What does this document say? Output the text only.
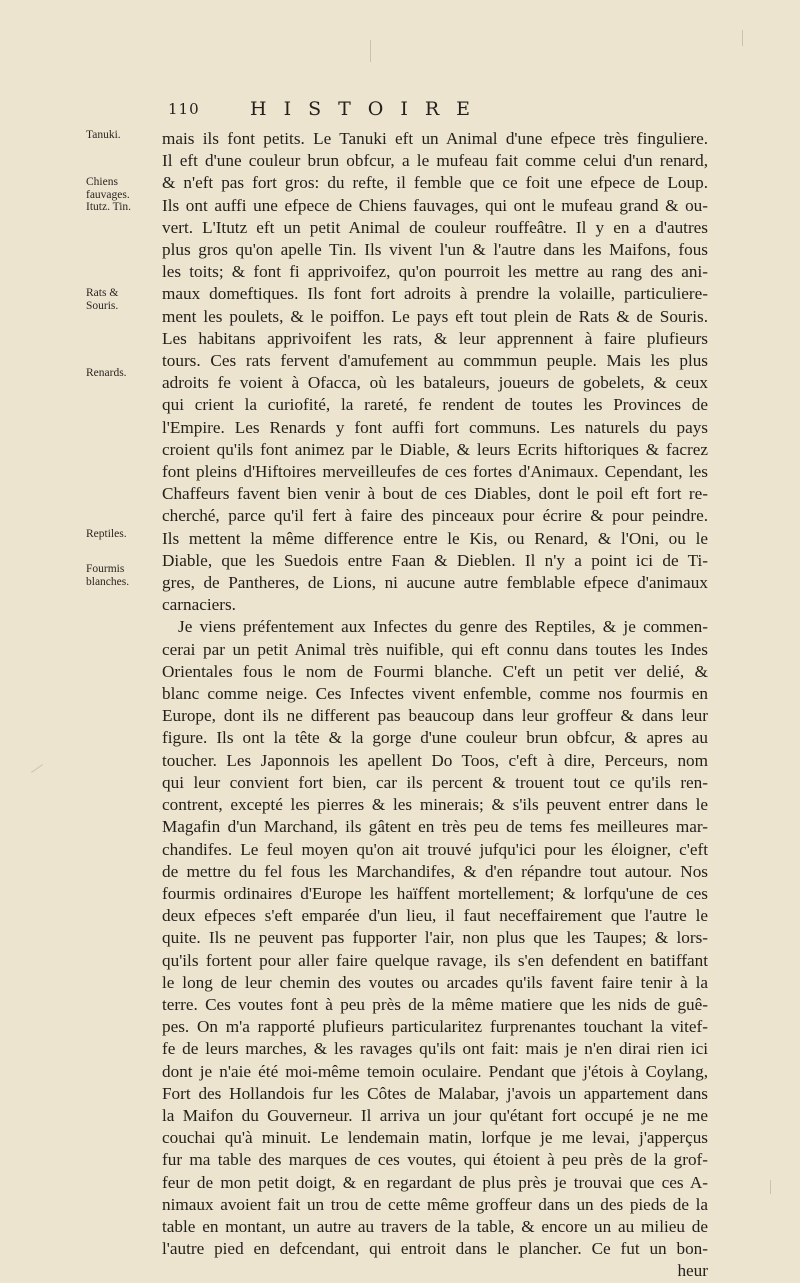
110	HISTOIRE
Tanuki.
Chiens fauvages. Itutz. Tin.
Rats & Souris.
Renards.
Reptiles.
Fourmis blanches.

mais ils font petits. Le Tanuki eft un Animal d'une efpece très finguliere.
Il eft d'une couleur brun obfcur, a le mufeau fait comme celui d'un renard,
& n'eft pas fort gros: du refte, il femble que ce foit une efpece de Loup.
Ils ont auffi une efpece de Chiens fauvages, qui ont le mufeau grand & ou-
vert. L'Itutz eft un petit Animal de couleur rouffeâtre. Il y en a d'autres
plus gros qu'on apelle Tin. Ils vivent l'un & l'autre dans les Maifons, fous
les toits; & font fi apprivoifez, qu'on pourroit les mettre au rang des ani-
maux domeftiques. Ils font fort adroits à prendre la volaille, particuliere-
ment les poulets, & le poiffon. Le pays eft tout plein de Rats & de Souris.
Les habitans apprivoifent les rats, & leur apprennent à faire plufieurs
tours. Ces rats fervent d'amufement au commmun peuple. Mais les plus
adroits fe voient à Ofacca, où les bataleurs, joueurs de gobelets, & ceux
qui crient la curiofité, la rareté, fe rendent de toutes les Provinces de
l'Empire. Les Renards y font auffi fort communs. Les naturels du pays
croient qu'ils font animez par le Diable, & leurs Ecrits hiftoriques & facrez
font pleins d'Hiftoires merveilleufes de ces fortes d'Animaux. Cependant, les
Chaffeurs favent bien venir à bout de ces Diables, dont le poil eft fort re-
cherché, parce qu'il fert à faire des pinceaux pour écrire & pour peindre.
Ils mettent la même difference entre le Kis, ou Renard, & l'Oni, ou le
Diable, que les Suedois entre Faan & Dieblen. Il n'y a point ici de Ti-
gres, de Pantheres, de Lions, ni aucune autre femblable efpece d'animaux
carnaciers.

Je viens préfentement aux Infectes du genre des Reptiles, & je commen-
cerai par un petit Animal très nuifible, qui eft connu dans toutes les Indes
Orientales fous le nom de Fourmi blanche. C'eft un petit ver delié, &
blanc comme neige. Ces Infectes vivent enfemble, comme nos fourmis en
Europe, dont ils ne different pas beaucoup dans leur groffeur & dans leur
figure. Ils ont la tête & la gorge d'une couleur brun obfcur, & apres au
toucher. Les Japonnois les apellent Do Toos, c'eft à dire, Perceurs, nom
qui leur convient fort bien, car ils percent & trouent tout ce qu'ils ren-
contrent, excepté les pierres & les minerais; & s'ils peuvent entrer dans le
Magafin d'un Marchand, ils gâtent en très peu de tems fes meilleures mar-
chandifes. Le feul moyen qu'on ait trouvé jufqu'ici pour les éloigner, c'eft
de mettre du fel fous les Marchandifes, & d'en répandre tout autour. Nos
fourmis ordinaires d'Europe les haïffent mortellement; & lorfqu'une de ces
deux efpeces s'eft emparée d'un lieu, il faut neceffairement que l'autre le
quite. Ils ne peuvent pas fupporter l'air, non plus que les Taupes; & lors-
qu'ils fortent pour aller faire quelque ravage, ils s'en defendent en batiffant
le long de leur chemin des voutes ou arcades qu'ils favent faire tenir à la
terre. Ces voutes font à peu près de la même matiere que les nids de guê-
pes. On m'a rapporté plufieurs particularitez furprenantes touchant la vitef-
fe de leurs marches, & les ravages qu'ils ont fait: mais je n'en dirai rien ici
dont je n'aie été moi-même temoin oculaire. Pendant que j'étois à Coylang,
Fort des Hollandois fur les Côtes de Malabar, j'avois un appartement dans
la Maifon du Gouverneur. Il arriva un jour qu'étant fort occupé je ne me
couchai qu'à minuit. Le lendemain matin, lorfque je me levai, j'apperçus
fur ma table des marques de ces voutes, qui étoient à peu près de la grof-
feur de mon petit doigt, & en regardant de plus près je trouvai que ces A-
nimaux avoient fait un trou de cette même groffeur dans un des pieds de la
table en montant, un autre au travers de la table, & encore un au milieu de
l'autre pied en defcendant, qui entroit dans le plancher. Ce fut un bon-
heur
